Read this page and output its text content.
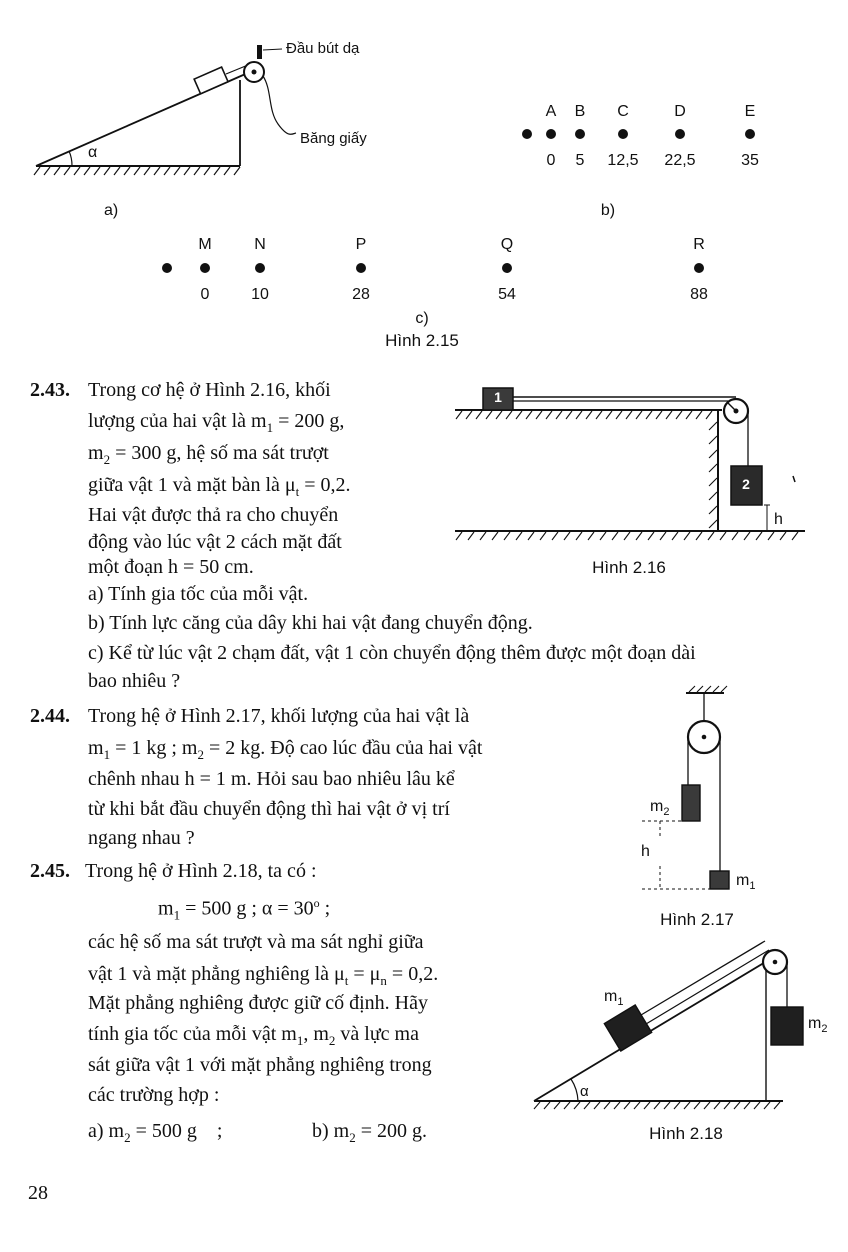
Đầu bút dạ
Băng giấy
α
a)
A
0
B
5
C
12,5
D
22,5
E
35
b)
M
0
N
10
P
28
Q
54
R
88
c)
Hình 2.15
2.43. Trong cơ hệ ở Hình 2.16, khối
lượng của hai vật là $m_1 = 200$ g,
$m_2 = 300$ g, hệ số ma sát trượt
giữa vật 1 và mặt bàn là $\mu_t = 0,2$.
Hai vật được thả ra cho chuyển
động vào lúc vật 2 cách mặt đất
một đoạn h = 50 cm.
a) Tính gia tốc của mỗi vật.
b) Tính lực căng của dây khi hai vật đang chuyển động.
c) Kể từ lúc vật 2 chạm đất, vật 1 còn chuyển động thêm được một đoạn dài
bao nhiêu ?
1
2
h
Hình 2.16
2.44. Trong hệ ở Hình 2.17, khối lượng của hai vật là
$m_1 = 1$ kg ; $m_2 = 2$ kg. Độ cao lúc đầu của hai vật
chênh nhau h = 1 m. Hỏi sau bao nhiêu lâu kể
từ khi bắt đầu chuyển động thì hai vật ở vị trí
ngang nhau ?
$m_2$
h
$m_1$
Hình 2.17
2.45. Trong hệ ở Hình 2.18, ta có :
$m_1 = 500$ g ; $\alpha = 30^o$ ;
các hệ số ma sát trượt và ma sát nghỉ giữa
vật 1 và mặt phẳng nghiêng là $\mu_t = \mu_n = 0,2$.
Mặt phẳng nghiêng được giữ cố định. Hãy
tính gia tốc của mỗi vật $m_1$, $m_2$ và lực ma
sát giữa vật 1 với mặt phẳng nghiêng trong
các trường hợp :
a) $m_2 = 500$ g    ;	b) $m_2 = 200$ g.
$m_1$
$m_2$
α
Hình 2.18
28
